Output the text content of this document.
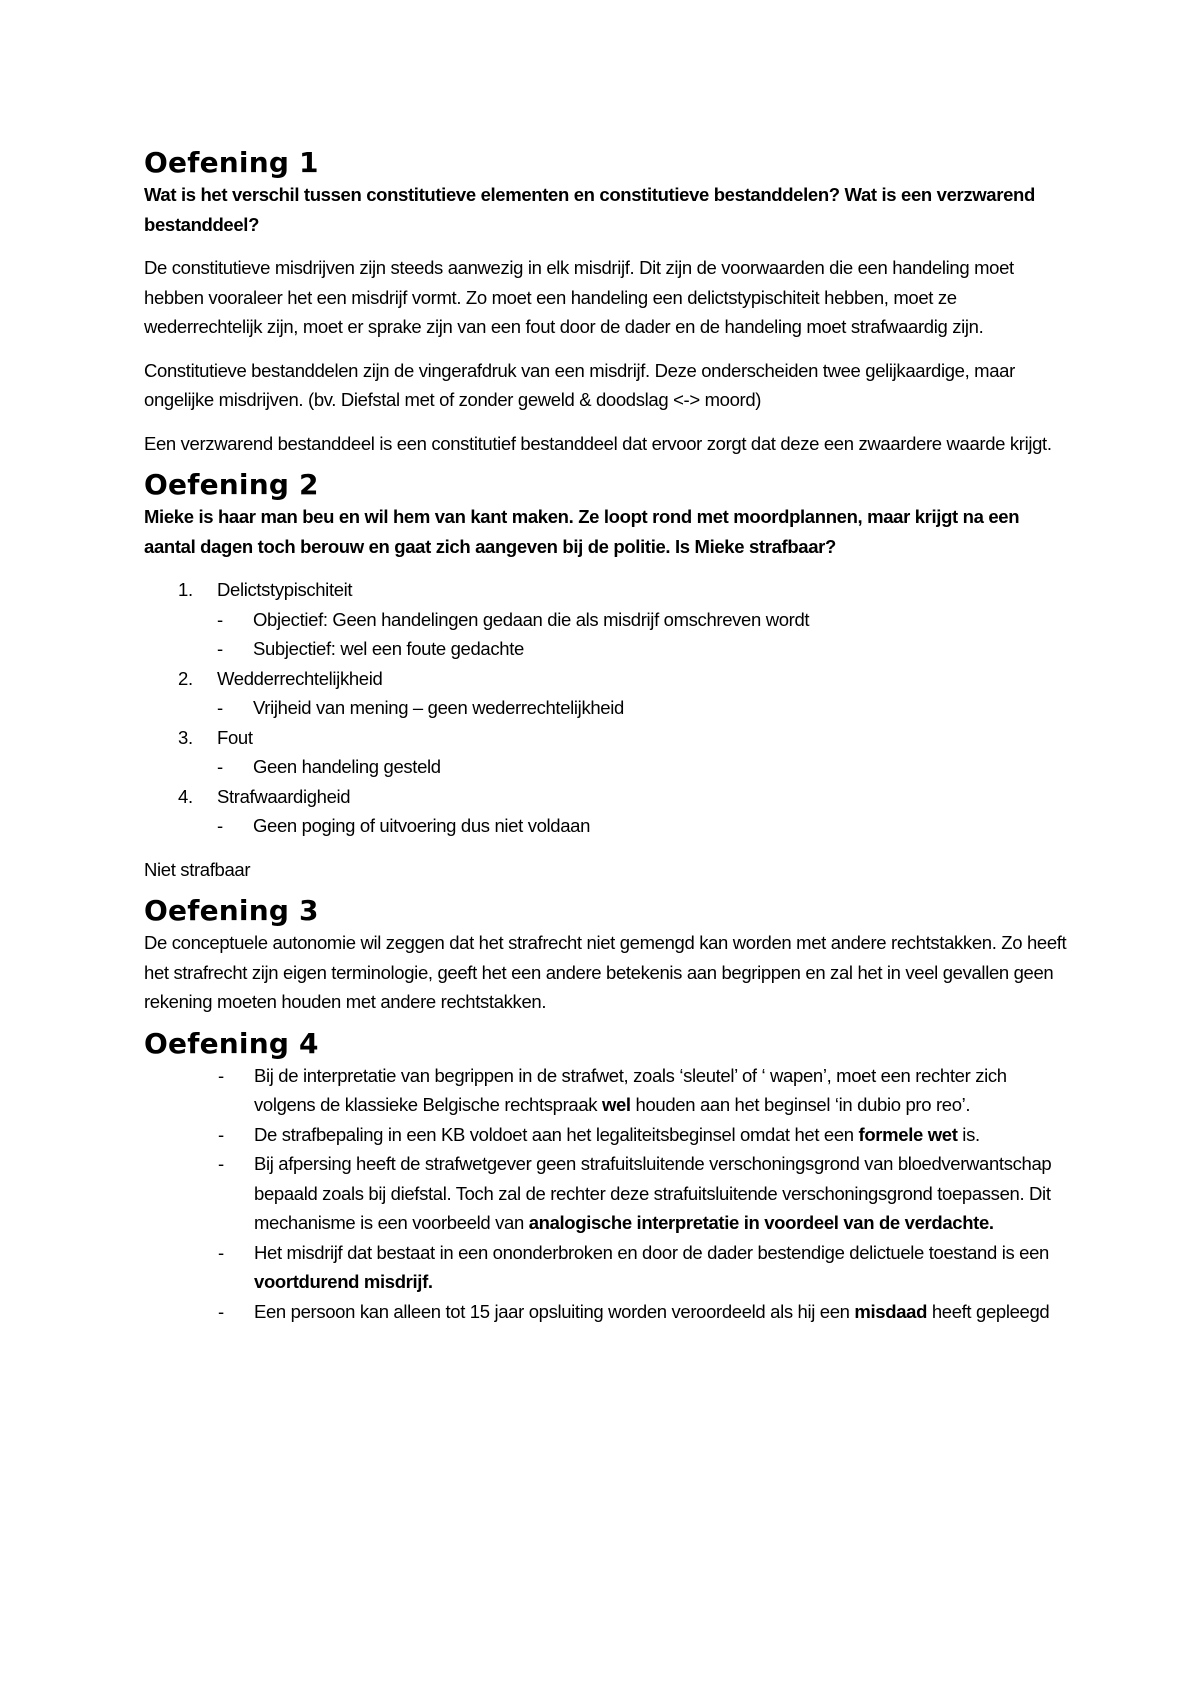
Oefening 1

Wat is het verschil tussen constitutieve elementen en constitutieve bestanddelen? Wat is een verzwarend bestanddeel?

De constitutieve misdrijven zijn steeds aanwezig in elk misdrijf. Dit zijn de voorwaarden die een handeling moet hebben vooraleer het een misdrijf vormt. Zo moet een handeling een delictstypischiteit hebben, moet ze wederrechtelijk zijn, moet er sprake zijn van een fout door de dader en de handeling moet strafwaardig zijn.

Constitutieve bestanddelen zijn de vingerafdruk van een misdrijf. Deze onderscheiden twee gelijkaardige, maar ongelijke misdrijven. (bv. Diefstal met of zonder geweld & doodslag <-> moord)

Een verzwarend bestanddeel is een constitutief bestanddeel dat ervoor zorgt dat deze een zwaardere waarde krijgt.

Oefening 2

Mieke is haar man beu en wil hem van kant maken. Ze loopt rond met moordplannen, maar krijgt na een aantal dagen toch berouw en gaat zich aangeven bij de politie. Is Mieke strafbaar?

1. Delictstypischiteit
- Objectief: Geen handelingen gedaan die als misdrijf omschreven wordt
- Subjectief: wel een foute gedachte
2. Wedderrechtelijkheid
- Vrijheid van mening – geen wederrechtelijkheid
3. Fout
- Geen handeling gesteld
4. Strafwaardigheid
- Geen poging of uitvoering dus niet voldaan

Niet strafbaar

Oefening 3

De conceptuele autonomie wil zeggen dat het strafrecht niet gemengd kan worden met andere rechtstakken. Zo heeft het strafrecht zijn eigen terminologie, geeft het een andere betekenis aan begrippen en zal het in veel gevallen geen rekening moeten houden met andere rechtstakken.

Oefening 4
- Bij de interpretatie van begrippen in de strafwet, zoals ‘sleutel’ of ‘ wapen’, moet een rechter zich volgens de klassieke Belgische rechtspraak wel houden aan het beginsel ‘in dubio pro reo’.
- De strafbepaling in een KB voldoet aan het legaliteitsbeginsel omdat het een formele wet is.
- Bij afpersing heeft de strafwetgever geen strafuitsluitende verschoningsgrond van bloedverwantschap bepaald zoals bij diefstal. Toch zal de rechter deze strafuitsluitende verschoningsgrond toepassen. Dit mechanisme is een voorbeeld van analogische interpretatie in voordeel van de verdachte.
- Het misdrijf dat bestaat in een ononderbroken en door de dader bestendige delictuele toestand is een voortdurend misdrijf.
- Een persoon kan alleen tot 15 jaar opsluiting worden veroordeeld als hij een misdaad heeft gepleegd
